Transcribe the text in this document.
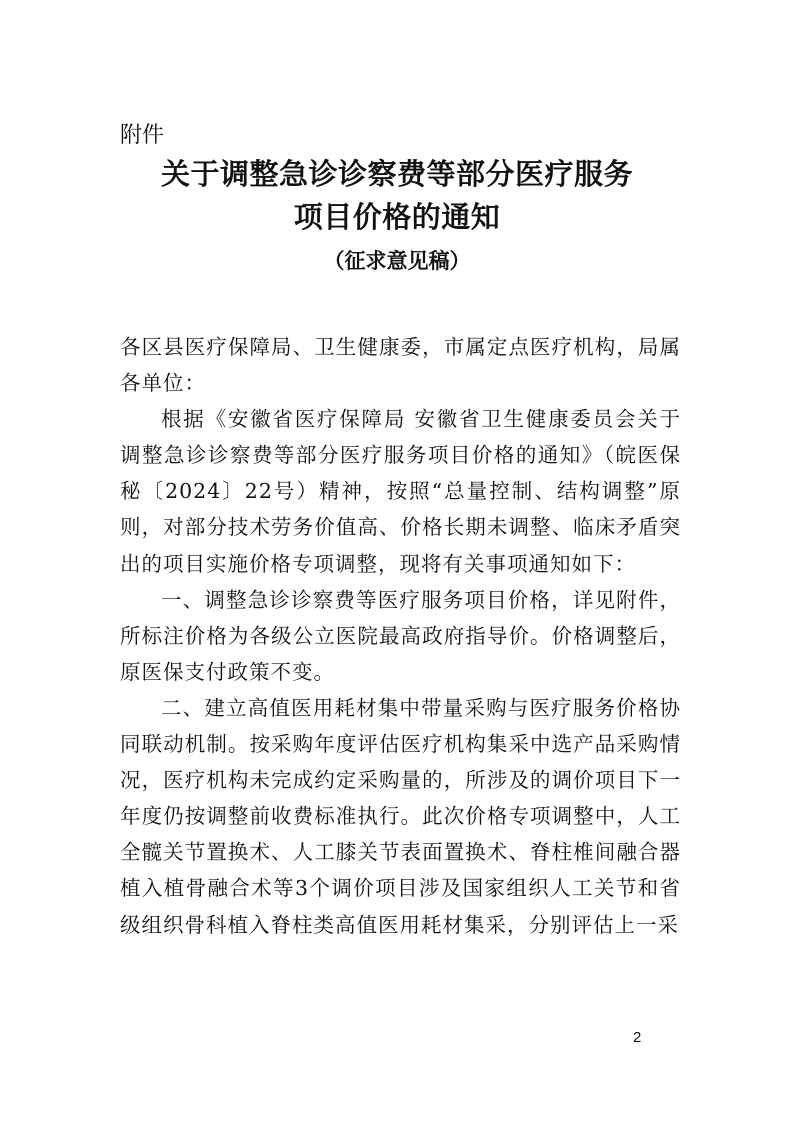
附件

关于调整急诊诊察费等部分医疗服务
项目价格的通知

（征求意见稿）

各区县医疗保障局、卫生健康委，市属定点医疗机构，局属各单位：

根据《安徽省医疗保障局 安徽省卫生健康委员会关于调整急诊诊察费等部分医疗服务项目价格的通知》（皖医保秘〔2024〕22号）精神，按照“总量控制、结构调整”原则，对部分技术劳务价值高、价格长期未调整、临床矛盾突出的项目实施价格专项调整，现将有关事项通知如下：

一、调整急诊诊察费等医疗服务项目价格，详见附件，所标注价格为各级公立医院最高政府指导价。价格调整后，原医保支付政策不变。

二、建立高值医用耗材集中带量采购与医疗服务价格协同联动机制。按采购年度评估医疗机构集采中选产品采购情况，医疗机构未完成约定采购量的，所涉及的调价项目下一年度仍按调整前收费标准执行。此次价格专项调整中，人工全髋关节置换术、人工膝关节表面置换术、脊柱椎间融合器植入植骨融合术等3个调价项目涉及国家组织人工关节和省级组织骨科植入脊柱类高值医用耗材集采，分别评估上一采

2
